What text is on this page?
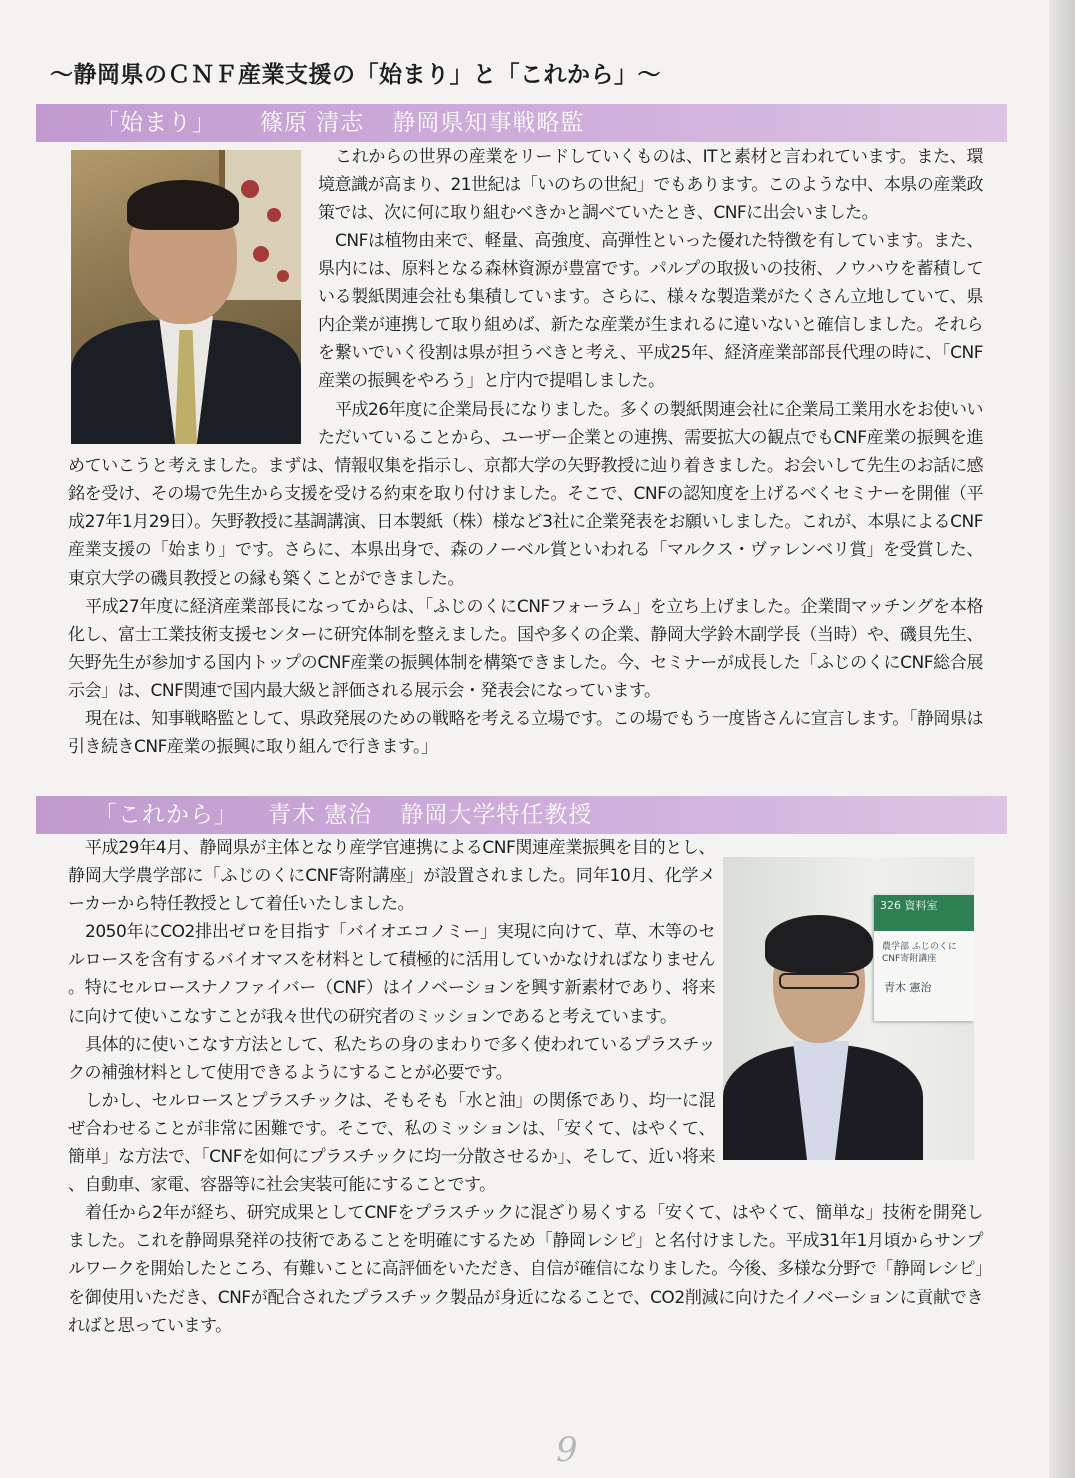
～静岡県のＣＮＦ産業支援の「始まり」と「これから」～
「始まり」 篠原 清志 静岡県知事戦略監

これからの世界の産業をリードしていくものは、ITと素材と言われています。また、環境意識が高まり、21世紀は「いのちの世紀」でもあります。このような中、本県の産業政策では、次に何に取り組むべきかと調べていたとき、CNFに出会いました。

CNFは植物由来で、軽量、高強度、高弾性といった優れた特徴を有しています。また、県内には、原料となる森林資源が豊富です。パルプの取扱いの技術、ノウハウを蓄積している製紙関連会社も集積しています。さらに、様々な製造業がたくさん立地していて、県内企業が連携して取り組めば、新たな産業が生まれるに違いないと確信しました。それらを繋いでいく役割は県が担うべきと考え、平成25年、経済産業部部長代理の時に、「CNF産業の振興をやろう」と庁内で提唱しました。

平成26年度に企業局長になりました。多くの製紙関連会社に企業局工業用水をお使いいただいていることから、ユーザー企業との連携、需要拡大の観点でもCNF産業の振興を進めていこうと考えました。まずは、情報収集を指示し、京都大学の矢野教授に辿り着きました。お会いして先生のお話に感銘を受け、その場で先生から支援を受ける約束を取り付けました。そこで、CNFの認知度を上げるべくセミナーを開催（平成27年1月29日）。矢野教授に基調講演、日本製紙（株）様など3社に企業発表をお願いしました。これが、本県によるCNF産業支援の「始まり」です。さらに、本県出身で、森のノーベル賞といわれる「マルクス・ヴァレンベリ賞」を受賞した、東京大学の磯貝教授との縁も築くことができました。

平成27年度に経済産業部長になってからは、「ふじのくにCNFフォーラム」を立ち上げました。企業間マッチングを本格化し、富士工業技術支援センターに研究体制を整えました。国や多くの企業、静岡大学鈴木副学長（当時）や、磯貝先生、矢野先生が参加する国内トップのCNF産業の振興体制を構築できました。今、セミナーが成長した「ふじのくにCNF総合展示会」は、CNF関連で国内最大級と評価される展示会・発表会になっています。

現在は、知事戦略監として、県政発展のための戦略を考える立場です。この場でもう一度皆さんに宣言します。「静岡県は引き続きCNF産業の振興に取り組んで行きます。」

「これから」 青木 憲治 静岡大学特任教授
326 資料室
農学部 ふじのくにCNF寄附講座
青木 憲治

平成29年4月、静岡県が主体となり産学官連携によるCNF関連産業振興を目的とし、静岡大学農学部に「ふじのくにCNF寄附講座」が設置されました。同年10月、化学メーカーから特任教授として着任いたしました。

2050年にCO2排出ゼロを目指す「バイオエコノミー」実現に向けて、草、木等のセルロースを含有するバイオマスを材料として積極的に活用していかなければなりません。特にセルロースナノファイバー（CNF）はイノベーションを興す新素材であり、将来に向けて使いこなすことが我々世代の研究者のミッションであると考えています。

具体的に使いこなす方法として、私たちの身のまわりで多く使われているプラスチックの補強材料として使用できるようにすることが必要です。

しかし、セルロースとプラスチックは、そもそも「水と油」の関係であり、均一に混ぜ合わせることが非常に困難です。そこで、私のミッションは、「安くて、はやくて、簡単」な方法で、「CNFを如何にプラスチックに均一分散させるか」、そして、近い将来、自動車、家電、容器等に社会実装可能にすることです。

着任から2年が経ち、研究成果としてCNFをプラスチックに混ざり易くする「安くて、はやくて、簡単な」技術を開発しました。これを静岡県発祥の技術であることを明確にするため「静岡レシピ」と名付けました。平成31年1月頃からサンプルワークを開始したところ、有難いことに高評価をいただき、自信が確信になりました。今後、多様な分野で「静岡レシピ」を御使用いただき、CNFが配合されたプラスチック製品が身近になることで、CO2削減に向けたイノベーションに貢献できればと思っています。

9
